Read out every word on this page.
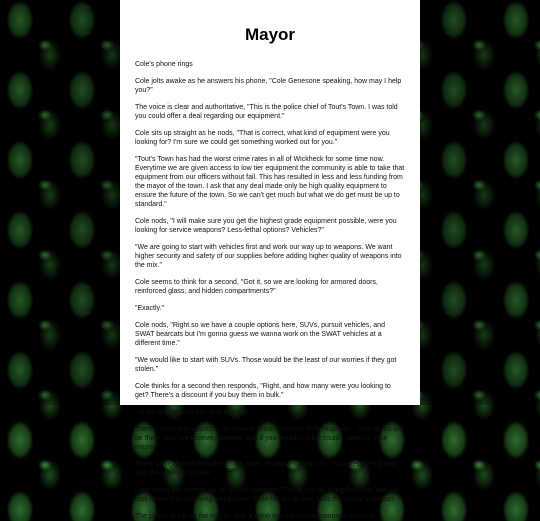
Mayor

Cole's phone rings

Cole jolts awake as he answers his phone, "Cole Genesone speaking, how may I help you?"

The voice is clear and authoritative, "This is the police chief of Tout's Town. I was told you could offer a deal regarding our equipment."

Cole sits up straight as he nods, "That is correct, what kind of equipment were you looking for? I'm sure we could get something worked out for you."

"Tout's Town has had the worst crime rates in all of Wickheck for some time now. Everytime we are given access to low tier equipment the community is able to take that equipment from our officers without fail. This has resulted in less and less funding from the mayor of the town. I ask that any deal made only be high quality equipment to ensure the future of the town. So we can't get much but what we do get must be up to standard."

Cole nods, "I will make sure you get the highest grade equipment possible, were you looking for service weapons? Less-lethal options? Vehicles?"

"We are going to start with vehicles first and work our way up to weapons. We want higher security and safety of our supplies before adding higher quality of weapons into the mix."

Cole seems to think for a second, "Got it, so we are looking for armored doors, reinforced glass, and hidden compartments?"

"Exactly."

Cole nods, "Right so we have a couple options here, SUVs, pursuit vehicles, and SWAT bearcats but I'm gonna guess we wanna work on the SWAT vehicles at a different time."

"We would like to start with SUVs. Those would be the least of our worries if they got stolen."

Cole thinks for a second then responds, "Right, and how many were you looking to get? There's a discount if you buy them in bulk."

"At the moment we can only afford 4."

There's electronic crackling for several seconds before Cole responds, "Your SUVs will be there once we receive payment, and if you wouldn't mind could I speak to your mayor?"

There's a light scoff from the police chief, "Knock yourself out..." Cole receives a text with the mayor's number.

Cole saves the number as he quickly remarks, "Thank you for doing business with us, I look forward to supplying you further." Cole hangs up then calls the Mayor's number.

The phone is left on the ring for only a nano second before someone picks up.
